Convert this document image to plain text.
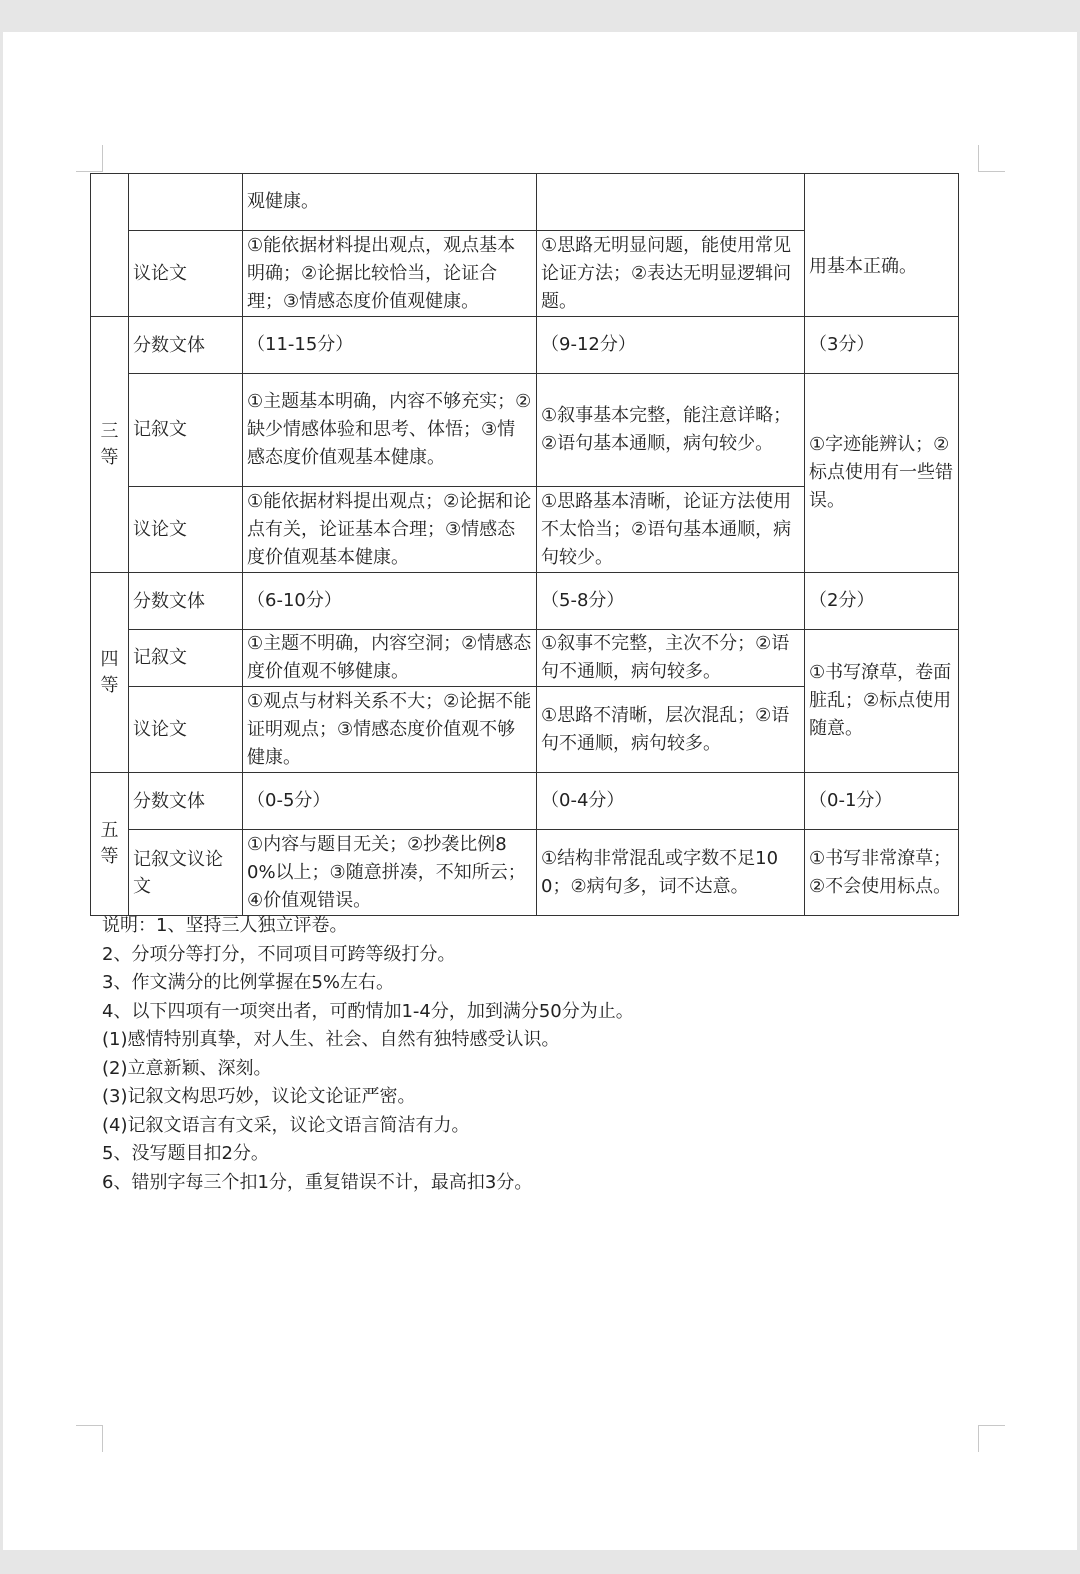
		观健康。		用基本正确。
	议论文	①能依据材料提出观点，观点基本明确；②论据比较恰当，论证合理；③情感态度价值观健康。	①思路无明显问题，能使用常见论证方法；②表达无明显逻辑问题。	
三等	分数文体	（11-15分）	（9-12分）	（3分）
	记叙文	①主题基本明确，内容不够充实；②缺少情感体验和思考、体悟；③情感态度价值观基本健康。	①叙事基本完整，能注意详略；②语句基本通顺，病句较少。	①字迹能辨认；②标点使用有一些错误。
	议论文	①能依据材料提出观点；②论据和论点有关，论证基本合理；③情感态度价值观基本健康。	①思路基本清晰，论证方法使用不太恰当；②语句基本通顺，病句较少。	
四等	分数文体	（6-10分）	（5-8分）	（2分）
	记叙文	①主题不明确，内容空洞；②情感态度价值观不够健康。	①叙事不完整，主次不分；②语句不通顺，病句较多。	①书写潦草，卷面脏乱；②标点使用随意。
	议论文	①观点与材料关系不大；②论据不能证明观点；③情感态度价值观不够健康。	①思路不清晰，层次混乱；②语句不通顺，病句较多。	
五等	分数文体	（0-5分）	（0-4分）	（0-1分）
	记叙文议论文	①内容与题目无关；②抄袭比例80%以上；③随意拼凑，不知所云；④价值观错误。	①结构非常混乱或字数不足100；②病句多，词不达意。	①书写非常潦草；②不会使用标点。

说明：1、坚持三人独立评卷。

2、分项分等打分，不同项目可跨等级打分。

3、作文满分的比例掌握在5%左右。

4、以下四项有一项突出者，可酌情加1-4分，加到满分50分为止。

(1)感情特别真挚，对人生、社会、自然有独特感受认识。

(2)立意新颖、深刻。

(3)记叙文构思巧妙，议论文论证严密。

(4)记叙文语言有文采，议论文语言简洁有力。

5、没写题目扣2分。

6、错别字每三个扣1分，重复错误不计，最高扣3分。
